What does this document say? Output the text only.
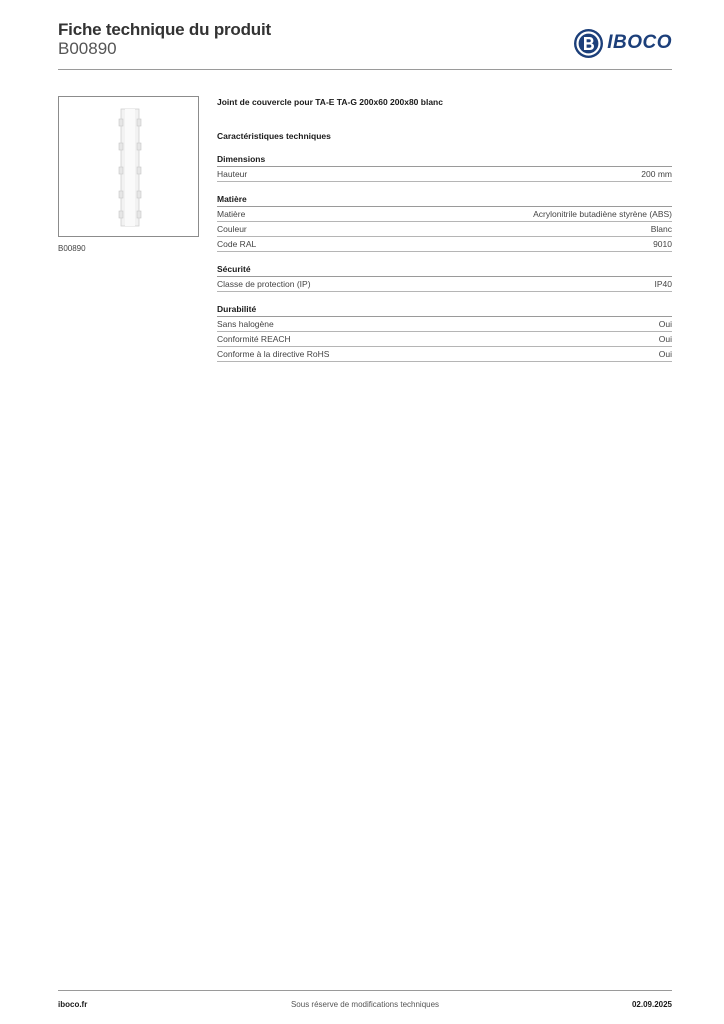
Fiche technique du produit
B00890	IBOCO
B00890
Joint de couvercle pour TA-E TA-G 200x60 200x80 blanc
Caractéristiques techniques
Dimensions
Hauteur	200 mm
Matière
Matière	Acrylonitrile butadiène styrène (ABS)
Couleur	Blanc
Code RAL	9010
Sécurité
Classe de protection (IP)	IP40
Durabilité
Sans halogène	Oui
Conformité REACH	Oui
Conforme à la directive RoHS	Oui
iboco.fr	Sous réserve de modifications techniques	02.09.2025
